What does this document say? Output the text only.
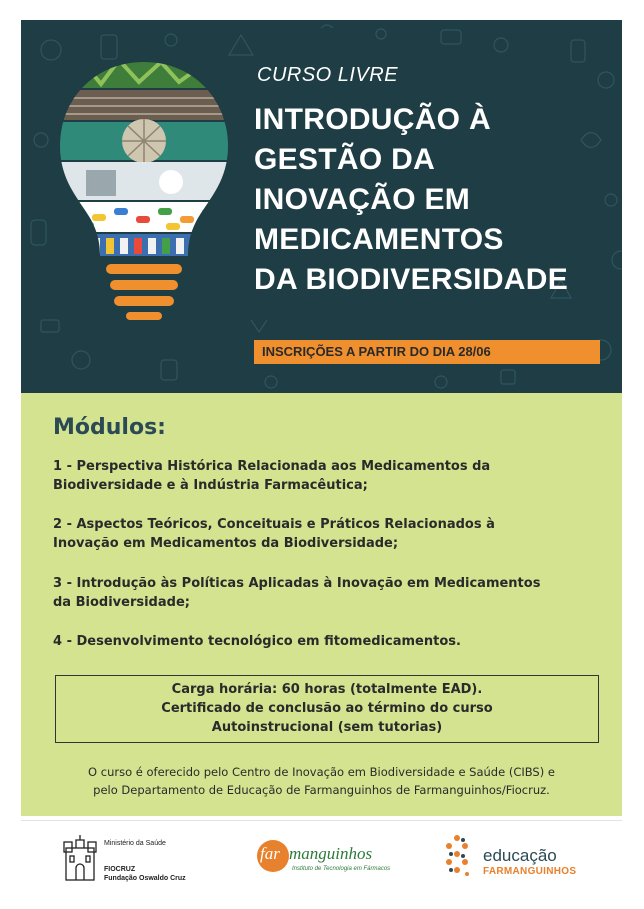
CURSO LIVRE
INTRODUÇÃO À
GESTÃO DA
INOVAÇÃO EM
MEDICAMENTOS
DA BIODIVERSIDADE
INSCRIÇÕES A PARTIR DO DIA 28/06
Módulos:
1 - Perspectiva Histórica Relacionada aos Medicamentos da
Biodiversidade e à Indústria Farmacêutica;
2 - Aspectos Teóricos, Conceituais e Práticos Relacionados à
Inovação em Medicamentos da Biodiversidade;
3 - Introdução às Políticas Aplicadas à Inovação em Medicamentos
da Biodiversidade;
4 - Desenvolvimento tecnológico em fitomedicamentos.
Carga horária: 60 horas (totalmente EAD).
Certificado de conclusão ao término do curso
Autoinstrucional (sem tutorias)
O curso é oferecido pelo Centro de Inovação em Biodiversidade e Saúde (CIBS) e
pelo Departamento de Educação de Farmanguinhos de Farmanguinhos/Fiocruz.
Ministério da Saúde
FIOCRUZ
Fundação Oswaldo Cruz
far manguinhos
Instituto de Tecnologia em Fármacos
educação
FARMANGUINHOS
